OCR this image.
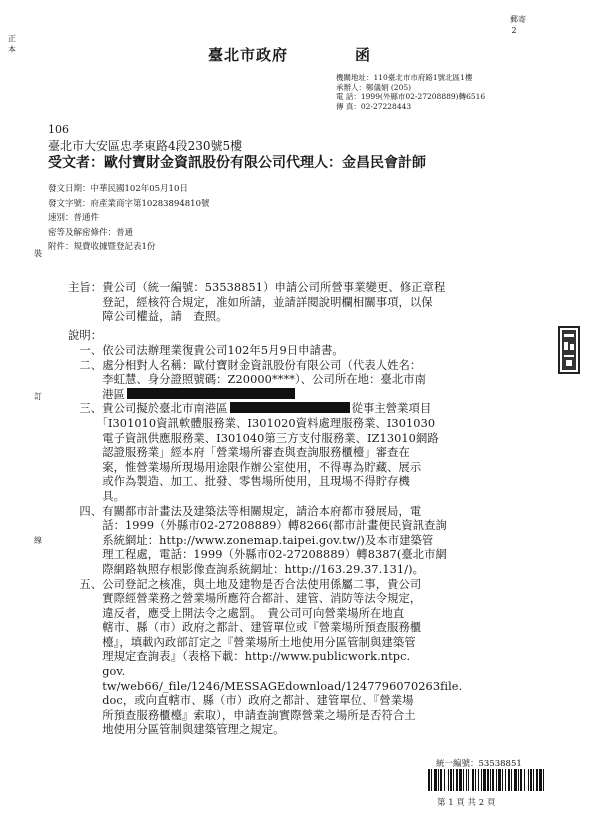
正
本
裝
訂
線
郵寄
2
臺北市政府	函
機關地址：110臺北市市府路1號北區1樓
承辦人：鄭儀娟 (205)
電 話：1999(外縣市02-27208889)轉6516
傳 真：02-27228443
106
臺北市大安區忠孝東路4段230號5樓
受文者：歐付寶財金資訊股份有限公司代理人：金昌民會計師
發文日期：中華民國102年05月10日
發文字號：府產業商字第10283894810號
速別：普通件
密等及解密條件：普通
附件：規費收據暨登記表1份
主旨：貴公司（統一編號：53538851）申請公司所營事業變更、修正章程
　　　登記，經核符合規定，准如所請，並請詳閱說明欄相關事項，以保
　　　障公司權益，請　查照。
說明：
　一、依公司法辦理業復貴公司102年5月9日申請書。
　二、處分相對人名稱：歐付寶財金資訊股份有限公司（代表人姓名：
　　　李虹慧、身分證照號碼：Z20000****）、公司所在地：臺北市南
　　　港區
　三、貴公司擬於臺北市南港區	從事主營業項目
　　　「I301010資訊軟體服務業、I301020資料處理服務業、I301030
　　　電子資訊供應服務業、I301040第三方支付服務業、IZ13010網路
　　　認證服務業」經本府「營業場所審查與查詢服務櫃檯」審查在
　　　案，惟營業場所現場用途限作辦公室使用，不得專為貯藏、展示
　　　或作為製造、加工、批發、零售場所使用，且現場不得貯存機
　　　具。
　四、有關都市計畫法及建築法等相關規定，請洽本府都市發展局，電
　　　話：1999（外縣市02-27208889）轉8266(都市計畫便民資訊查詢
　　　系統網址：http://www.zonemap.taipei.gov.tw/)及本市建築管
　　　理工程處，電話：1999（外縣市02-27208889）轉8387(臺北市網
　　　際網路執照存根影像查詢系統網址：http://163.29.37.131/)。
　五、公司登記之核准，與土地及建物是否合法使用係屬二事，貴公司
　　　實際經營業務之營業場所應符合都計、建管、消防等法令規定，
　　　違反者，應受上開法令之處罰。　貴公司可向營業場所在地直
　　　轄市、縣（市）政府之都計、建管單位或『營業場所預查服務櫃
　　　檯』，填載內政部訂定之『營業場所土地使用分區管制與建築管
　　　理規定查詢表』（表格下載：http://www.publicwork.ntpc.
　　　gov.
　　　tw/web66/_file/1246/MESSAGEdownload/1247796070263file.
　　　doc，或向直轄市、縣（市）政府之都計、建管單位、『營業場
　　　所預查服務櫃檯』索取），申請查詢實際營業之場所是否符合土
　　　地使用分區管制與建築管理之規定。
統一編號：53538851
第 1 頁 共 2 頁
